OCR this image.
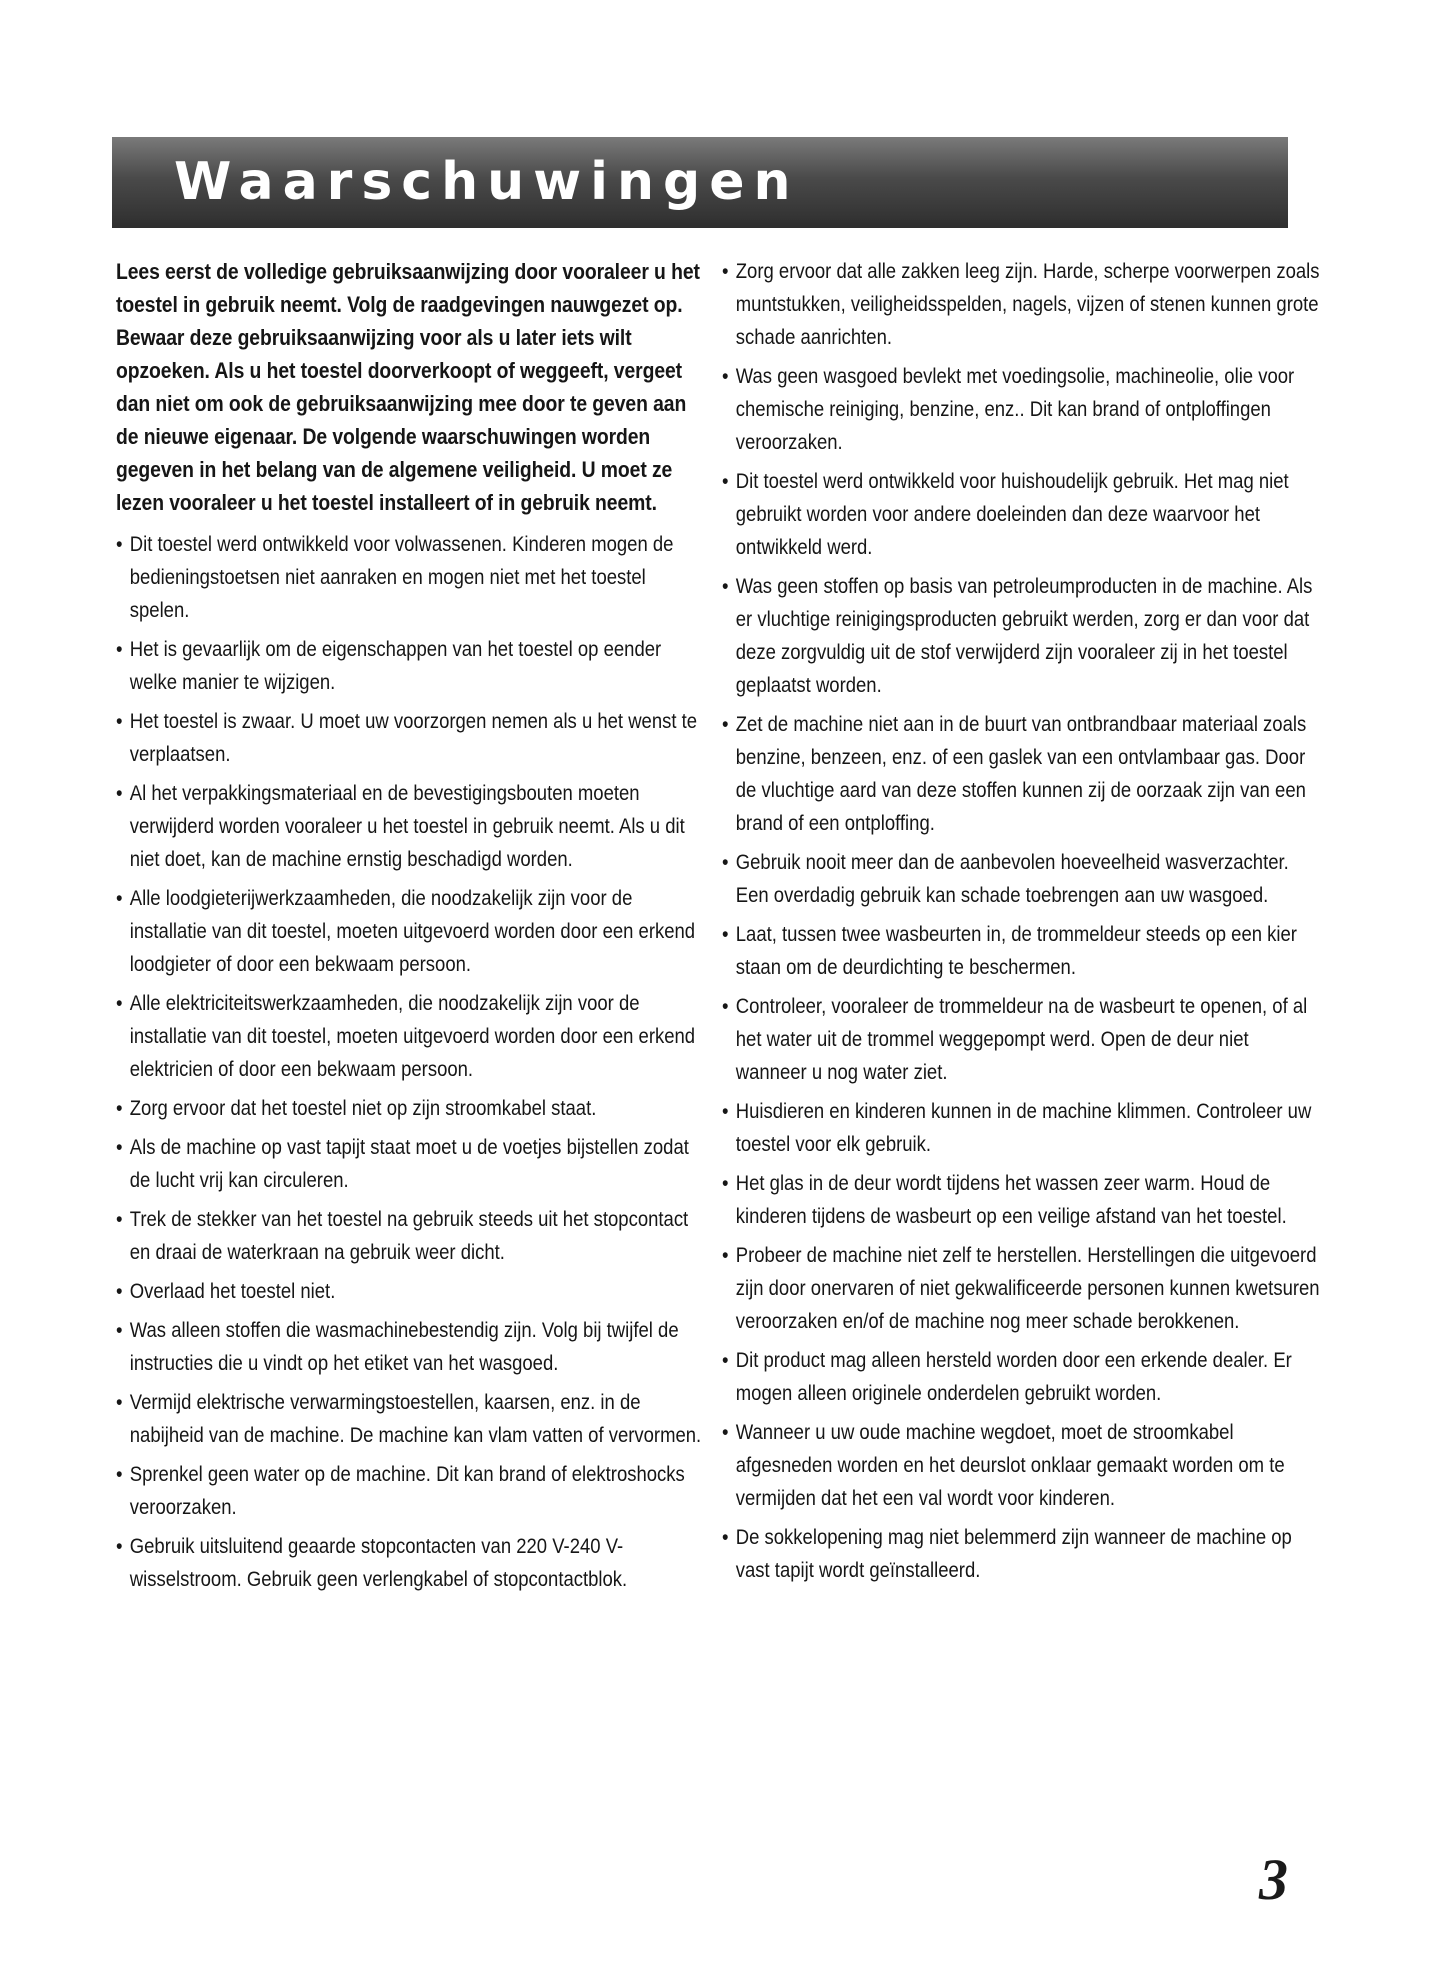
Waarschuwingen

Lees eerst de volledige gebruiksaanwijzing door vooraleer u het toestel in gebruik neemt. Volg de raadgevingen nauwgezet op. Bewaar deze gebruiksaanwijzing voor als u later iets wilt opzoeken. Als u het toestel doorverkoopt of weggeeft, vergeet dan niet om ook de gebruiksaanwijzing mee door te geven aan de nieuwe eigenaar. De volgende waarschuwingen worden gegeven in het belang van de algemene veiligheid. U moet ze lezen vooraleer u het toestel installeert of in gebruik neemt.

• Dit toestel werd ontwikkeld voor volwassenen. Kinderen mogen de bedieningstoetsen niet aanraken en mogen niet met het toestel spelen.
• Het is gevaarlijk om de eigenschappen van het toestel op eender welke manier te wijzigen.
• Het toestel is zwaar. U moet uw voorzorgen nemen als u het wenst te verplaatsen.
• Al het verpakkingsmateriaal en de bevestigingsbouten moeten verwijderd worden vooraleer u het toestel in gebruik neemt. Als u dit niet doet, kan de machine ernstig beschadigd worden.
• Alle loodgieterijwerkzaamheden, die noodzakelijk zijn voor de installatie van dit toestel, moeten uitgevoerd worden door een erkend loodgieter of door een bekwaam persoon.
• Alle elektriciteitswerkzaamheden, die noodzakelijk zijn voor de installatie van dit toestel, moeten uitgevoerd worden door een erkend elektricien of door een bekwaam persoon.
• Zorg ervoor dat het toestel niet op zijn stroomkabel staat.
• Als de machine op vast tapijt staat moet u de voetjes bijstellen zodat de lucht vrij kan circuleren.
• Trek de stekker van het toestel na gebruik steeds uit het stopcontact en draai de waterkraan na gebruik weer dicht.
• Overlaad het toestel niet.
• Was alleen stoffen die wasmachinebestendig zijn. Volg bij twijfel de instructies die u vindt op het etiket van het wasgoed.
• Vermijd elektrische verwarmingstoestellen, kaarsen, enz. in de nabijheid van de machine. De machine kan vlam vatten of vervormen.
• Sprenkel geen water op de machine. Dit kan brand of elektroshocks veroorzaken.
• Gebruik uitsluitend geaarde stopcontacten van 220 V-240 V-wisselstroom. Gebruik geen verlengkabel of stopcontactblok.
• Zorg ervoor dat alle zakken leeg zijn. Harde, scherpe voorwerpen zoals muntstukken, veiligheidsspelden, nagels, vijzen of stenen kunnen grote schade aanrichten.
• Was geen wasgoed bevlekt met voedingsolie, machineolie, olie voor chemische reiniging, benzine, enz.. Dit kan brand of ontploffingen veroorzaken.
• Dit toestel werd ontwikkeld voor huishoudelijk gebruik. Het mag niet gebruikt worden voor andere doeleinden dan deze waarvoor het ontwikkeld werd.
• Was geen stoffen op basis van petroleumproducten in de machine. Als er vluchtige reinigingsproducten gebruikt werden, zorg er dan voor dat deze zorgvuldig uit de stof verwijderd zijn vooraleer zij in het toestel geplaatst worden.
• Zet de machine niet aan in de buurt van ontbrandbaar materiaal zoals benzine, benzeen, enz. of een gaslek van een ontvlambaar gas. Door de vluchtige aard van deze stoffen kunnen zij de oorzaak zijn van een brand of een ontploffing.
• Gebruik nooit meer dan de aanbevolen hoeveelheid wasverzachter. Een overdadig gebruik kan schade toebrengen aan uw wasgoed.
• Laat, tussen twee wasbeurten in, de trommeldeur steeds op een kier staan om de deurdichting te beschermen.
• Controleer, vooraleer de trommeldeur na de wasbeurt te openen, of al het water uit de trommel weggepompt werd. Open de deur niet wanneer u nog water ziet.
• Huisdieren en kinderen kunnen in de machine klimmen. Controleer uw toestel voor elk gebruik.
• Het glas in de deur wordt tijdens het wassen zeer warm. Houd de kinderen tijdens de wasbeurt op een veilige afstand van het toestel.
• Probeer de machine niet zelf te herstellen. Herstellingen die uitgevoerd zijn door onervaren of niet gekwalificeerde personen kunnen kwetsuren veroorzaken en/of de machine nog meer schade berokkenen.
• Dit product mag alleen hersteld worden door een erkende dealer. Er mogen alleen originele onderdelen gebruikt worden.
• Wanneer u uw oude machine wegdoet, moet de stroomkabel afgesneden worden en het deurslot onklaar gemaakt worden om te vermijden dat het een val wordt voor kinderen.
• De sokkelopening mag niet belemmerd zijn wanneer de machine op vast tapijt wordt geïnstalleerd.
3
